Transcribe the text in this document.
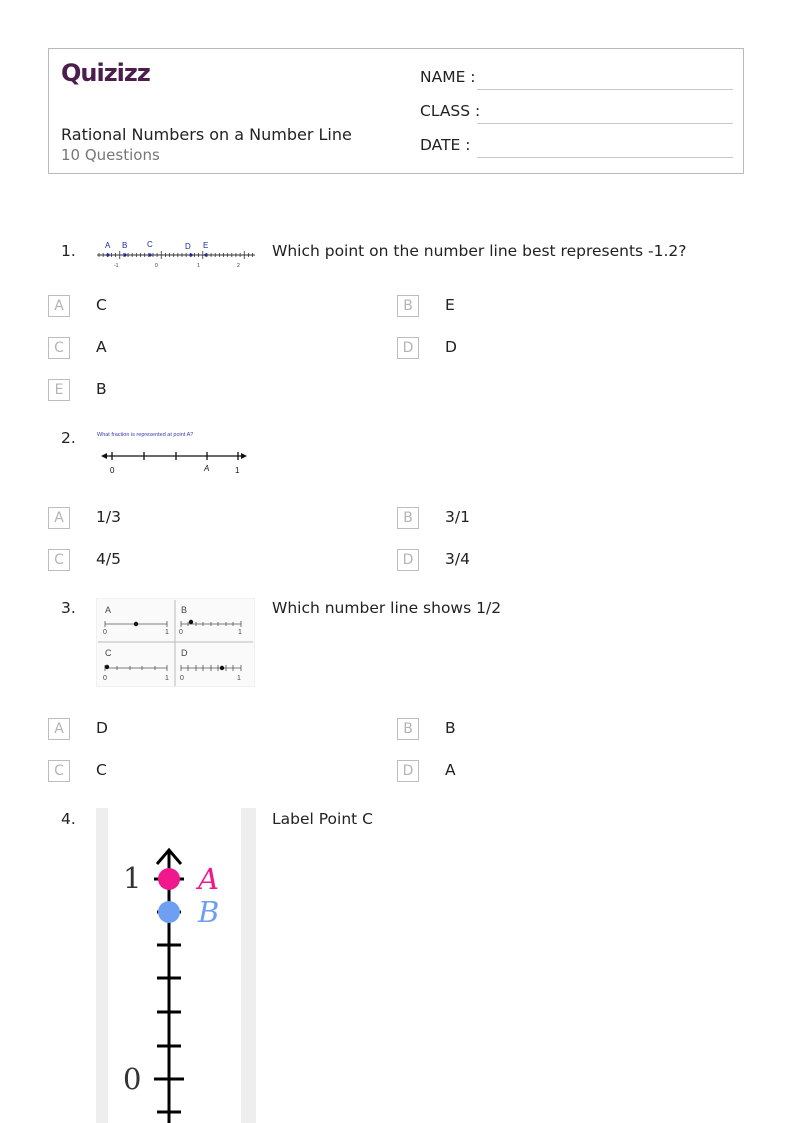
Quizizz
Rational Numbers on a Number Line
10 Questions
NAME :
CLASS :
DATE :
1.	A B C	D E
-1	0	1	2
Which point on the number line best represents -1.2?
A	C	B	E
C	A	D	D
E	B
2.	What fraction is represented at point A?
0	A	1
A	1/3	B	3/1
C	4/5	D	3/4
3.	A
0	1
B
0	1
C
0	1
D
0	1
Which number line shows 1/2
A	D	B	B
C	C	D	A
4.
1
0
A
B
Label Point C
